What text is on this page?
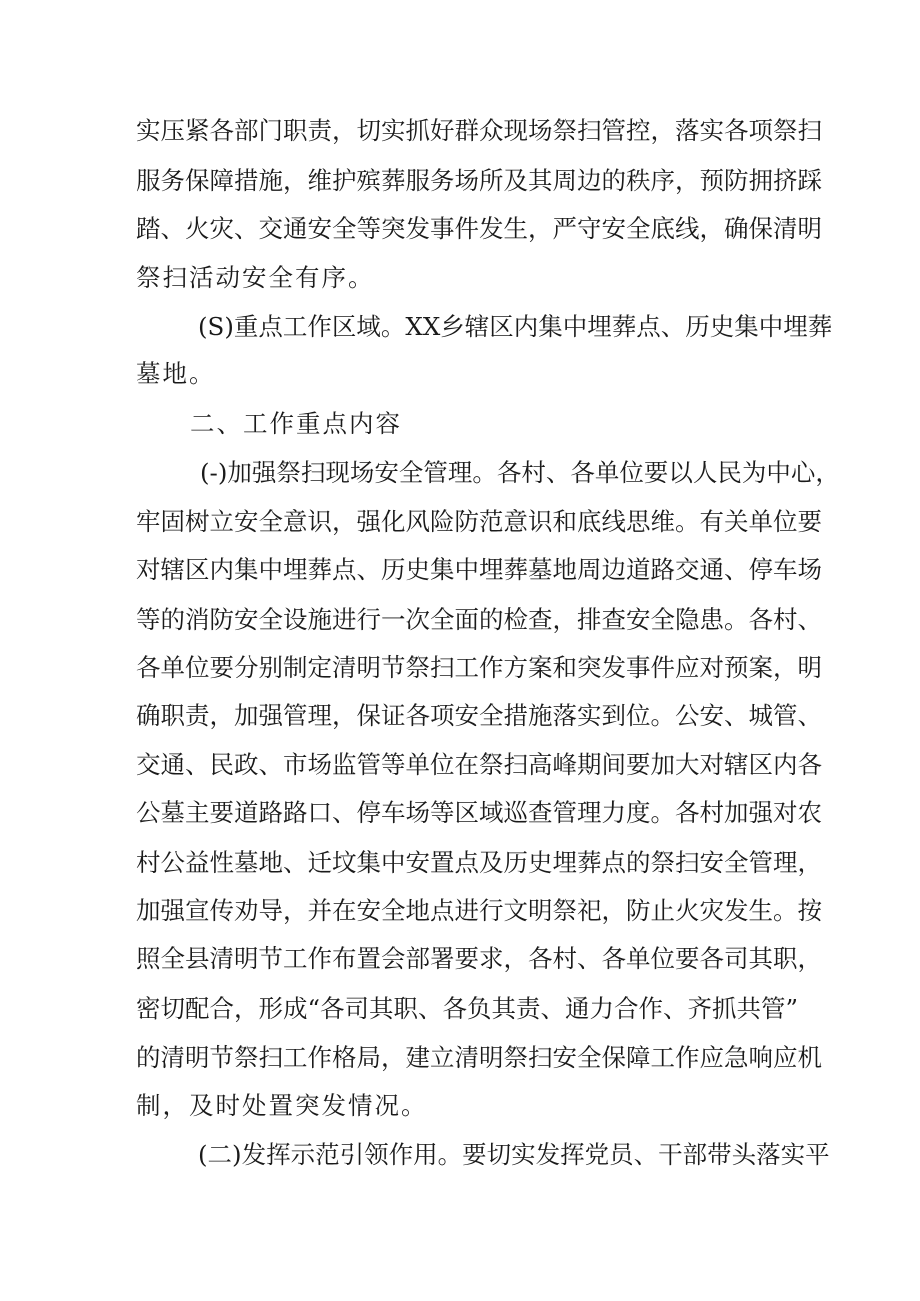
实压紧各部门职责，切实抓好群众现场祭扫管控，落实各项祭扫
服务保障措施，维护殡葬服务场所及其周边的秩序，预防拥挤踩
踏、火灾、交通安全等突发事件发生，严守安全底线，确保清明
祭扫活动安全有序。
(S)重点工作区域。XX乡辖区内集中埋葬点、历史集中埋葬
墓地。
二、工作重点内容
(-)加强祭扫现场安全管理。各村、各单位要以人民为中心，
牢固树立安全意识，强化风险防范意识和底线思维。有关单位要
对辖区内集中埋葬点、历史集中埋葬墓地周边道路交通、停车场
等的消防安全设施进行一次全面的检查，排查安全隐患。各村、
各单位要分别制定清明节祭扫工作方案和突发事件应对预案，明
确职责，加强管理，保证各项安全措施落实到位。公安、城管、
交通、民政、市场监管等单位在祭扫高峰期间要加大对辖区内各
公墓主要道路路口、停车场等区域巡查管理力度。各村加强对农
村公益性墓地、迁坟集中安置点及历史埋葬点的祭扫安全管理，
加强宣传劝导，并在安全地点进行文明祭祀，防止火灾发生。按
照全县清明节工作布置会部署要求，各村、各单位要各司其职，
密切配合，形成“各司其职、各负其责、通力合作、齐抓共管”
的清明节祭扫工作格局，建立清明祭扫安全保障工作应急响应机
制，及时处置突发情况。
(二)发挥示范引领作用。要切实发挥党员、干部带头落实平
